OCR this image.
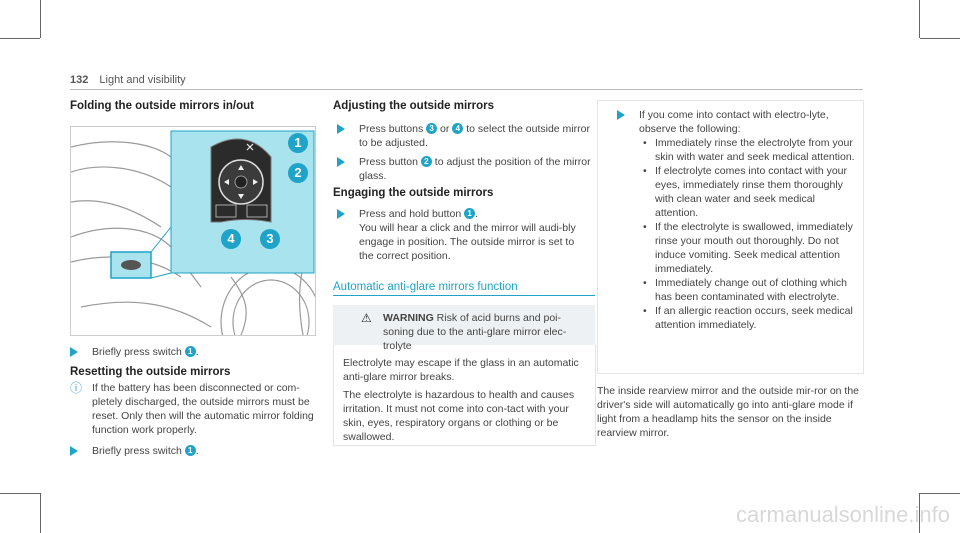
132 Light and visibility
Folding the outside mirrors in/out
1
2
4	3
Briefly press switch 1 .
Resetting the outside mirrors
ⓘ If the battery has been disconnected or com-pletely discharged, the outside mirrors must be reset. Only then will the automatic mirror folding function work properly.
Briefly press switch 1 .
Adjusting the outside mirrors
Press buttons 3 or 4 to select the outside mirror to be adjusted.
Press button 2 to adjust the position of the mirror glass.
Engaging the outside mirrors
Press and hold button 1 .
You will hear a click and the mirror will audi-bly engage in position. The outside mirror is set to the correct position.
Automatic anti-glare mirrors function
⚠ WARNING Risk of acid burns and poi-soning due to the anti-glare mirror elec-trolyte
Electrolyte may escape if the glass in an automatic anti-glare mirror breaks.
The electrolyte is hazardous to health and causes irritation. It must not come into con-tact with your skin, eyes, respiratory organs or clothing or be swallowed.
If you come into contact with electro-lyte, observe the following:
• Immediately rinse the electrolyte from your skin with water and seek medical attention.
• If electrolyte comes into contact with your eyes, immediately rinse them thoroughly with clean water and seek medical attention.
• If the electrolyte is swallowed, immediately rinse your mouth out thoroughly. Do not induce vomiting. Seek medical attention immediately.
• Immediately change out of clothing which has been contaminated with electrolyte.
• If an allergic reaction occurs, seek medical attention immediately.
The inside rearview mirror and the outside mir-ror on the driver's side will automatically go into anti-glare mode if light from a headlamp hits the sensor on the inside rearview mirror.
carmanualsonline.info
